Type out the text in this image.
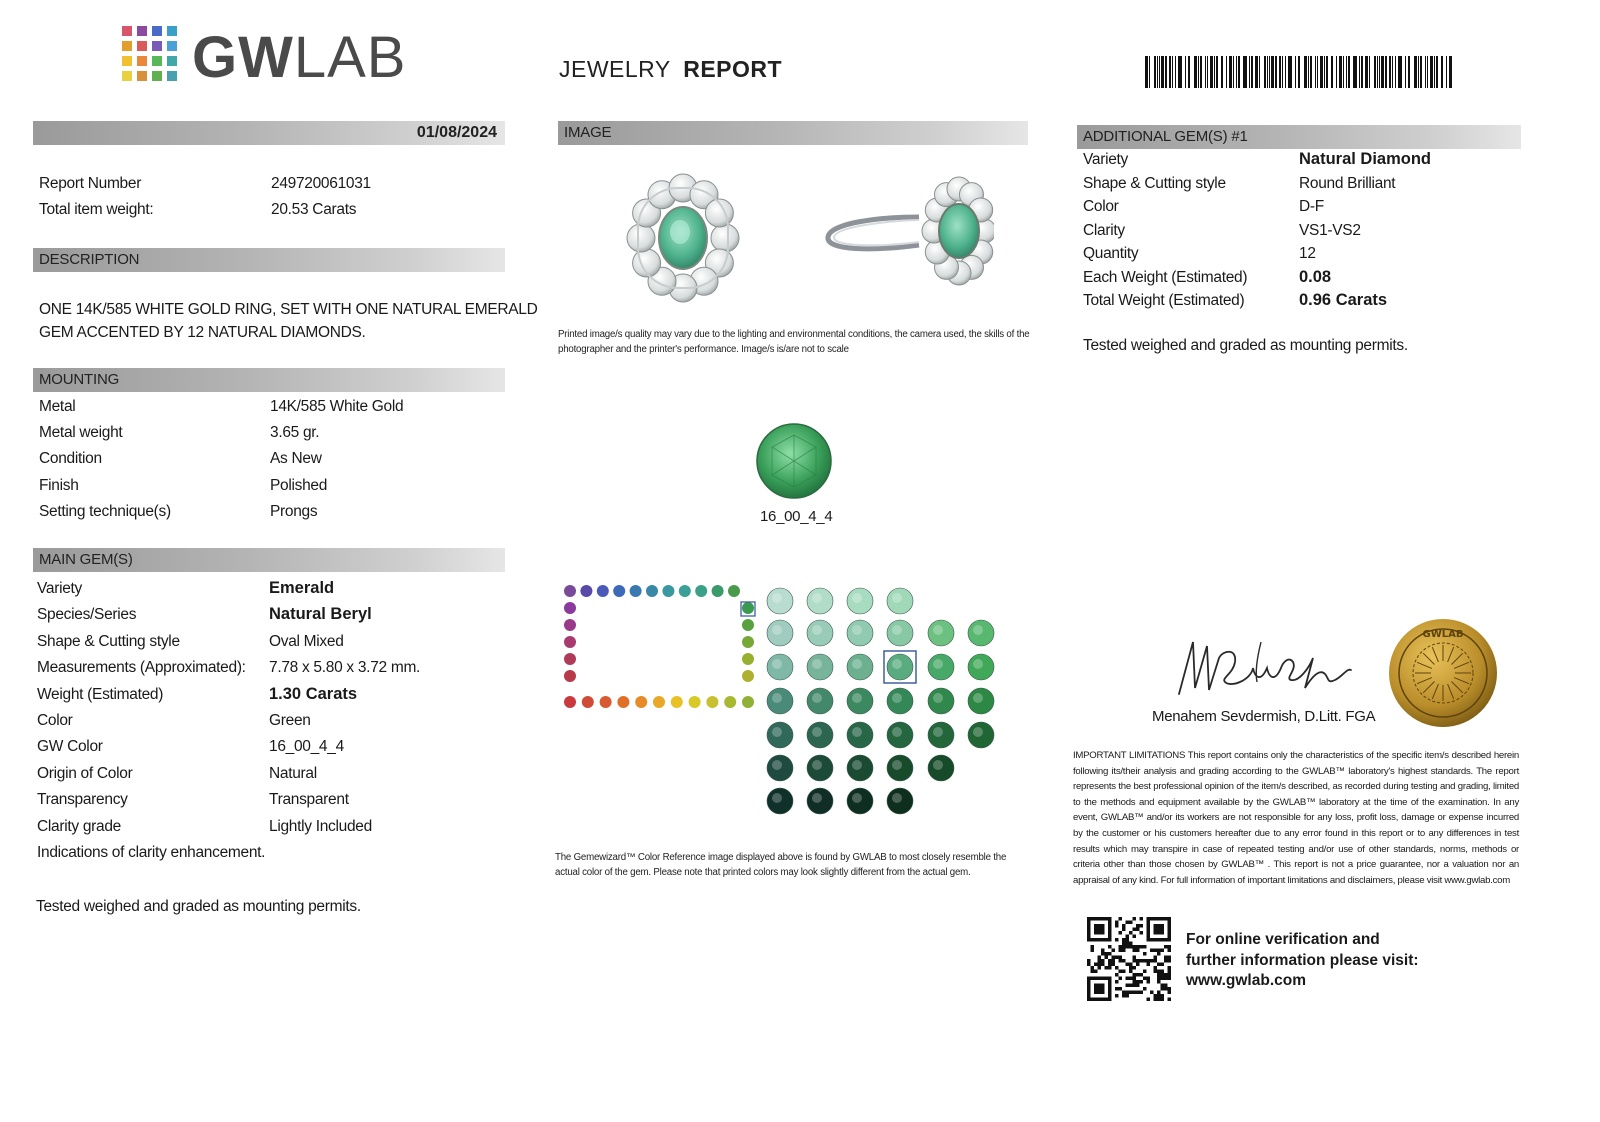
GWLAB	JEWELRY REPORT
01/08/2024
Report Number	249720061031
Total item weight:	20.53 Carats
DESCRIPTION
ONE 14K/585 WHITE GOLD RING, SET WITH ONE NATURAL EMERALD
GEM ACCENTED BY 12 NATURAL DIAMONDS.
MOUNTING
Metal	14K/585 White Gold
Metal weight	3.65 gr.
Condition	As New
Finish	Polished
Setting technique(s)	Prongs
MAIN GEM(S)
Variety	Emerald
Species/Series	Natural Beryl
Shape & Cutting style	Oval Mixed
Measurements (Approximated): 7.78 x 5.80 x 3.72 mm.
Weight (Estimated)	1.30 Carats
Color	Green
GW Color	16_00_4_4
Origin of Color	Natural
Transparency	Transparent
Clarity grade	Lightly Included
Indications of clarity enhancement.
Tested weighed and graded as mounting permits.
IMAGE
Printed image/s quality may vary due to the lighting and environmental conditions, the camera used, the skills of the
photographer and the printer's performance. Image/s is/are not to scale
16_00_4_4
The Gemewizard™ Color Reference image displayed above is found by GWLAB to most closely resemble the
actual color of the gem. Please note that printed colors may look slightly different from the actual gem.
ADDITIONAL GEM(S) #1
Variety	Natural Diamond
Shape & Cutting style	Round Brilliant
Color	D-F
Clarity	VS1-VS2
Quantity	12
Each Weight (Estimated)	0.08
Total Weight (Estimated)	0.96 Carats
Tested weighed and graded as mounting permits.
Menahem Sevdermish, D.Litt. FGA
GWLAB
IMPORTANT LIMITATIONS This report contains only the characteristics of the specific item/s described herein following its/their analysis and grading according to the GWLAB™ laboratory's highest standards. The report represents the best professional opinion of the item/s described, as recorded during testing and grading, limited to the methods and equipment available by the GWLAB™ laboratory at the time of the examination. In any event, GWLAB™ and/or its workers are not responsible for any loss, profit loss, damage or expense incurred by the customer or his customers hereafter due to any error found in this report or to any differences in test results which may transpire in case of repeated testing and/or use of other standards, norms, methods or criteria other than those chosen by GWLAB™ . This report is not a price guarantee, nor a valuation nor an appraisal of any kind. For full information of important limitations and disclaimers, please visit www.gwlab.com
For online verification and
further information please visit:
www.gwlab.com
